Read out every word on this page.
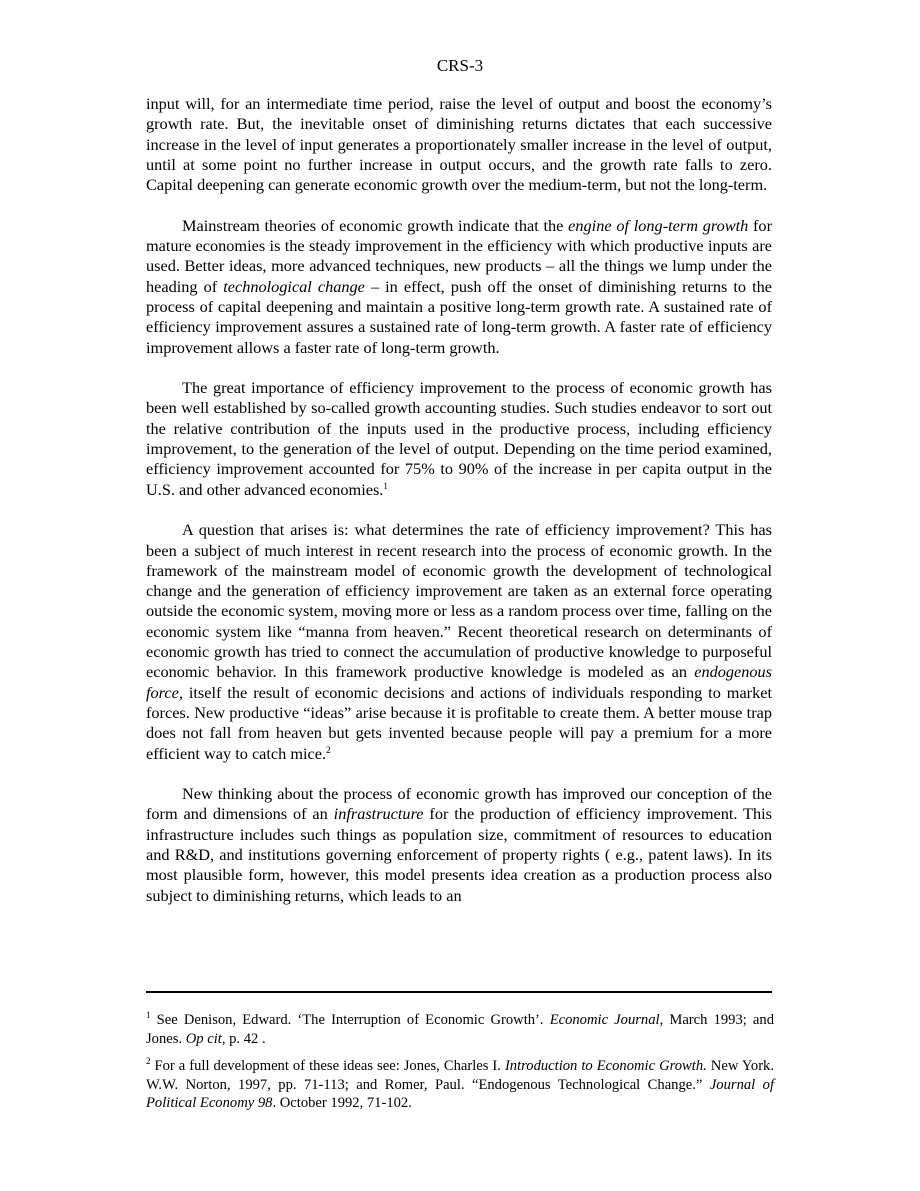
CRS-3

input will, for an intermediate time period, raise the level of output and boost the economy’s growth rate. But, the inevitable onset of diminishing returns dictates that each successive increase in the level of input generates a proportionately smaller increase in the level of output, until at some point no further increase in output occurs, and the growth rate falls to zero. Capital deepening can generate economic growth over the medium-term, but not the long-term.

Mainstream theories of economic growth indicate that the engine of long-term growth for mature economies is the steady improvement in the efficiency with which productive inputs are used. Better ideas, more advanced techniques, new products – all the things we lump under the heading of technological change – in effect, push off the onset of diminishing returns to the process of capital deepening and maintain a positive long-term growth rate. A sustained rate of efficiency improvement assures a sustained rate of long-term growth. A faster rate of efficiency improvement allows a faster rate of long-term growth.

The great importance of efficiency improvement to the process of economic growth has been well established by so-called growth accounting studies. Such studies endeavor to sort out the relative contribution of the inputs used in the productive process, including efficiency improvement, to the generation of the level of output. Depending on the time period examined, efficiency improvement accounted for 75% to 90% of the increase in per capita output in the U.S. and other advanced economies.$^1$

A question that arises is: what determines the rate of efficiency improvement? This has been a subject of much interest in recent research into the process of economic growth. In the framework of the mainstream model of economic growth the development of technological change and the generation of efficiency improvement are taken as an external force operating outside the economic system, moving more or less as a random process over time, falling on the economic system like “manna from heaven.” Recent theoretical research on determinants of economic growth has tried to connect the accumulation of productive knowledge to purposeful economic behavior. In this framework productive knowledge is modeled as an endogenous force, itself the result of economic decisions and actions of individuals responding to market forces. New productive “ideas” arise because it is profitable to create them. A better mouse trap does not fall from heaven but gets invented because people will pay a premium for a more efficient way to catch mice.$^2$

New thinking about the process of economic growth has improved our conception of the form and dimensions of an infrastructure for the production of efficiency improvement. This infrastructure includes such things as population size, commitment of resources to education and R&D, and institutions governing enforcement of property rights ( e.g., patent laws). In its most plausible form, however, this model presents idea creation as a production process also subject to diminishing returns, which leads to an

$^1$ See Denison, Edward. ‘The Interruption of Economic Growth’. Economic Journal, March 1993; and Jones. Op cit, p. 42 .

$^2$ For a full development of these ideas see: Jones, Charles I. Introduction to Economic Growth. New York. W.W. Norton, 1997, pp. 71-113; and Romer, Paul. “Endogenous Technological Change.” Journal of Political Economy 98. October 1992, 71-102.
